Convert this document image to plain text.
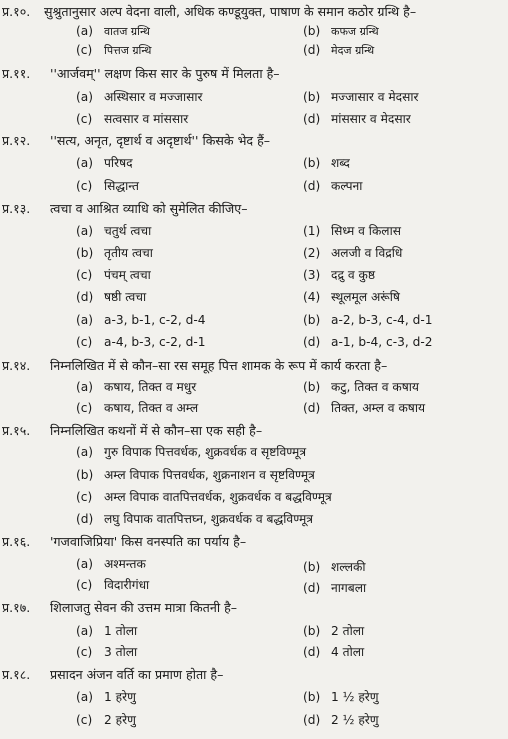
प्र.१०. सुश्रुतानुसार अल्प वेदना वाली, अधिक कण्डूयुक्त, पाषाण के समान कठोर ग्रन्थि है–
(a) वातज ग्रन्थि	(b) कफज ग्रन्थि
(c) पित्तज ग्रन्थि	(d) मेदज ग्रन्थि
प्र.११. ''आर्जवम्'' लक्षण किस सार के पुरुष में मिलता है–
(a) अस्थिसार व मज्जासार	(b) मज्जासार व मेदसार
(c) सत्वसार व मांससार	(d) मांससार व मेदसार
प्र.१२. ''सत्य, अनृत, दृष्टार्थ व अदृष्टार्थ'' किसके भेद हैं–
(a) परिषद	(b) शब्द
(c) सिद्धान्त	(d) कल्पना
प्र.१३. त्वचा व आश्रित व्याधि को सुमेलित कीजिए–
(a) चतुर्थ त्वचा	(1) सिध्म व किलास
(b) तृतीय त्वचा	(2) अलजी व विद्रधि
(c) पंचम् त्वचा	(3) दद्रु व कुष्ठ
(d) षष्ठी त्वचा	(4) स्थूलमूल अरूंषि
(a) a-3, b-1, c-2, d-4	(b) a-2, b-3, c-4, d-1
(c) a-4, b-3, c-2, d-1	(d) a-1, b-4, c-3, d-2
प्र.१४. निम्नलिखित में से कौन–सा रस समूह पित्त शामक के रूप में कार्य करता है–
(a) कषाय, तिक्त व मधुर	(b) कटु, तिक्त व कषाय
(c) कषाय, तिक्त व अम्ल	(d) तिक्त, अम्ल व कषाय
प्र.१५. निम्नलिखित कथनों में से कौन–सा एक सही है–
(a) गुरु विपाक पित्तवर्धक, शुक्रवर्धक व सृष्टविण्मूत्र
(b) अम्ल विपाक पित्तवर्धक, शुक्रनाशन व सृष्टविण्मूत्र
(c) अम्ल विपाक वातपित्तवर्धक, शुक्रवर्धक व बद्धविण्मूत्र
(d) लघु विपाक वातपित्तघ्न, शुक्रवर्धक व बद्धविण्मूत्र
प्र.१६. 'गजवाजिप्रिया' किस वनस्पति का पर्याय है–
(a) अश्मन्तक	(b) शल्लकी
(c) विदारीगंधा	(d) नागबला
प्र.१७. शिलाजतु सेवन की उत्तम मात्रा कितनी है–
(a) 1 तोला	(b) 2 तोला
(c) 3 तोला	(d) 4 तोला
प्र.१८. प्रसादन अंजन वर्ति का प्रमाण होता है–
(a) 1 हरेणु	(b) 1 ½ हरेणु
(c) 2 हरेणु	(d) 2 ½ हरेणु
